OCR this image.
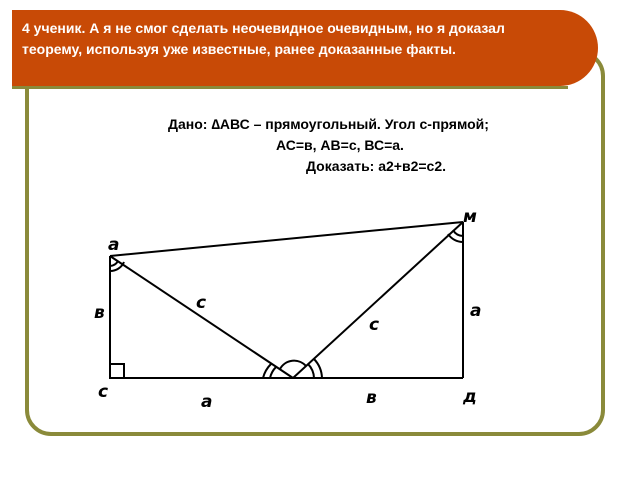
4 ученик. А я не смог сделать неочевидное очевидным, но я доказал теорему, используя уже известные, ранее доказанные факты.
Дано: ∆АВС – прямоугольный. Угол с-прямой;
АС=в, АВ=с, ВС=а.
Доказать: а2+в2=с2.
а
м
с	д
в	с
с
а
а	в
